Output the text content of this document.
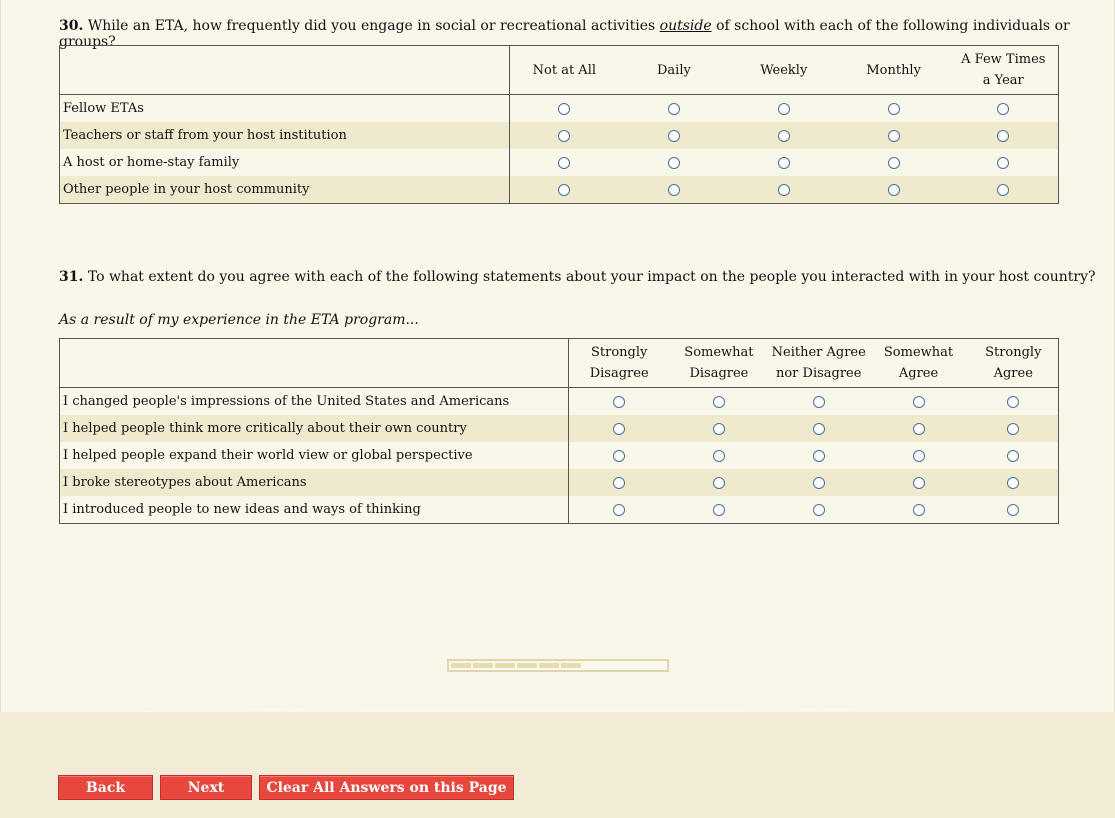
30. While an ETA, how frequently did you engage in social or recreational activities outside of school with each of the following individuals or groups?
	Not at All	Daily	Weekly	Monthly	A Few Times a Year
Fellow ETAs					
Teachers or staff from your host institution					
A host or home-stay family					
Other people in your host community					
31. To what extent do you agree with each of the following statements about your impact on the people you interacted with in your host country?
As a result of my experience in the ETA program...
	Strongly Disagree	Somewhat Disagree	Neither Agree nor Disagree	Somewhat Agree	Strongly Agree
I changed people's impressions of the United States and Americans					
I helped people think more critically about their own country					
I helped people expand their world view or global perspective					
I broke stereotypes about Americans					
I introduced people to new ideas and ways of thinking					
Back	Next	Clear All Answers on this Page
